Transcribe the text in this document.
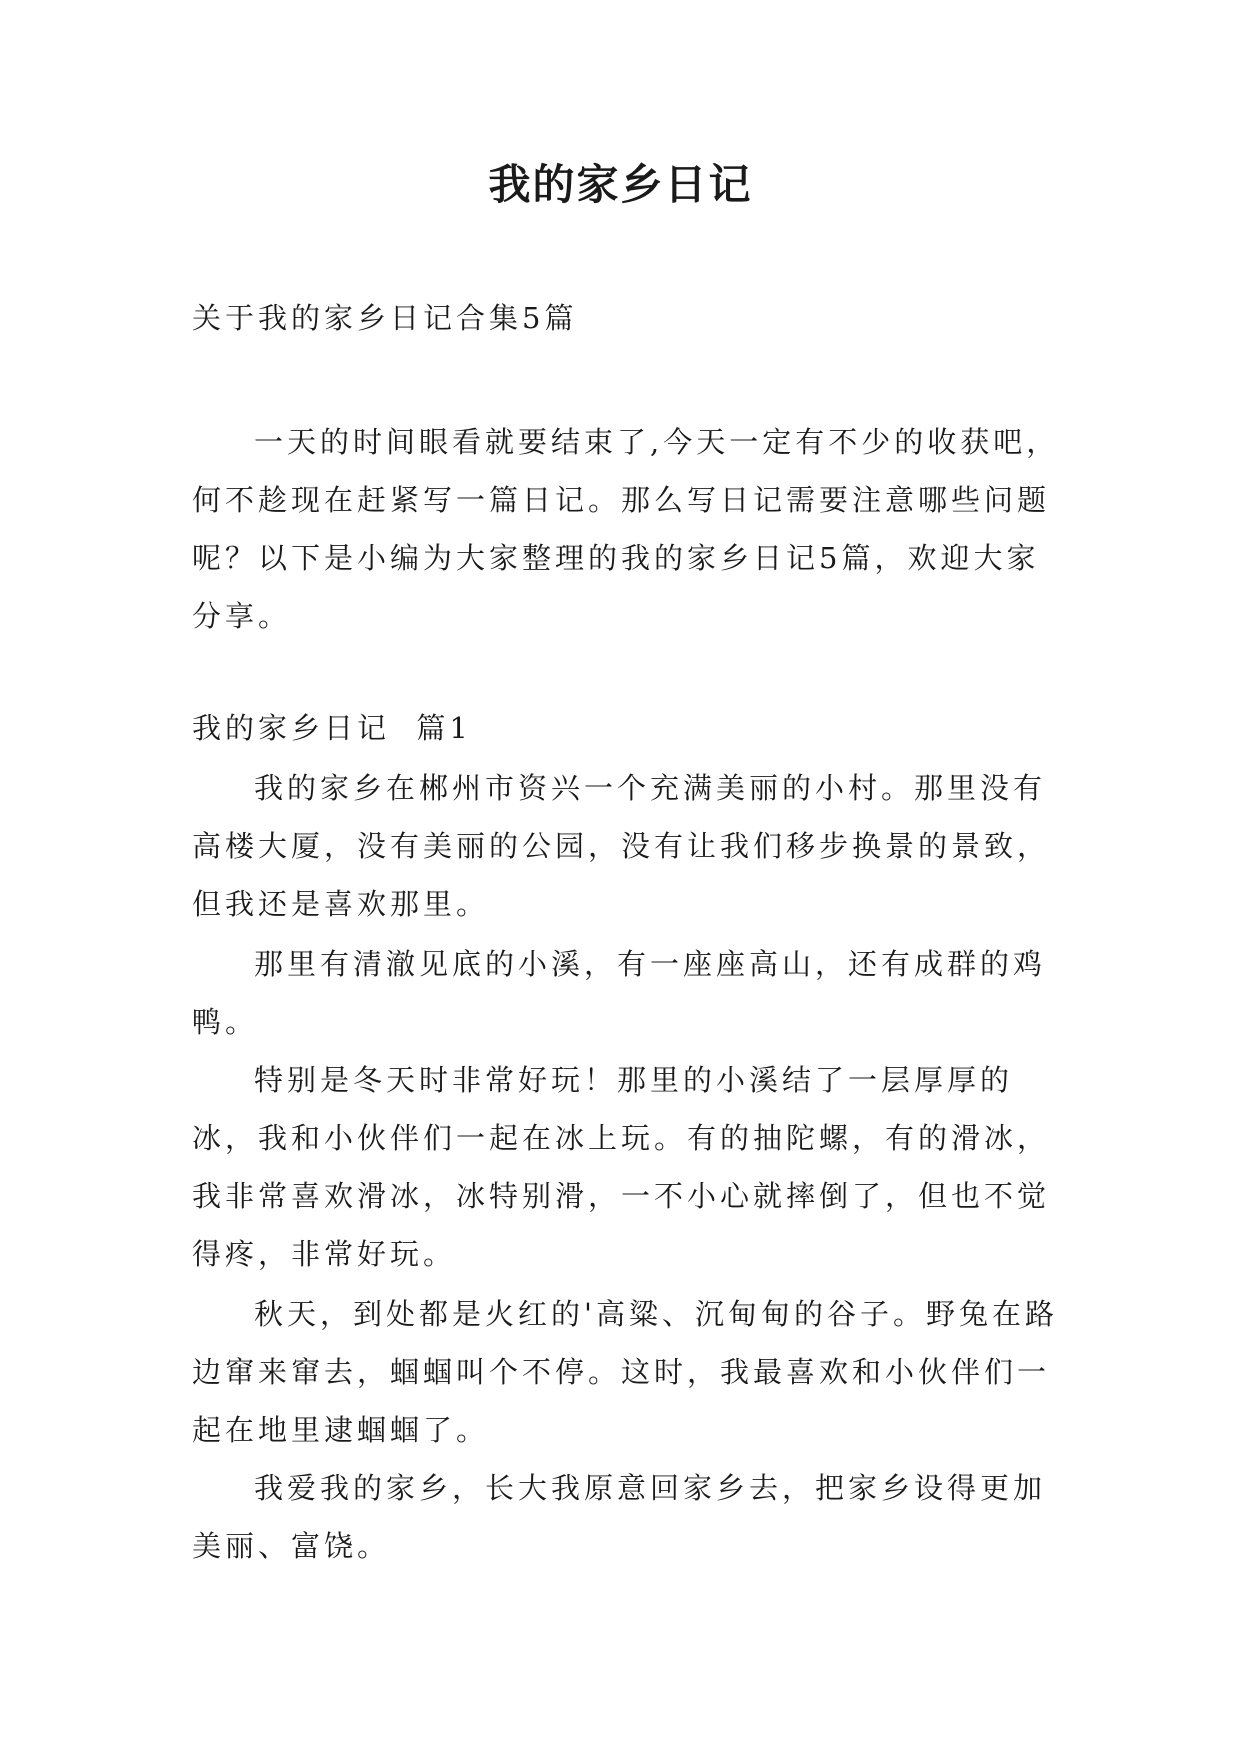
我的家乡日记

关于我的家乡日记合集5篇

一天的时间眼看就要结束了,今天一定有不少的收获吧，何不趁现在赶紧写一篇日记。那么写日记需要注意哪些问题呢？以下是小编为大家整理的我的家乡日记5篇，欢迎大家分享。

我的家乡日记  篇1

我的家乡在郴州市资兴一个充满美丽的小村。那里没有高楼大厦，没有美丽的公园，没有让我们移步换景的景致，但我还是喜欢那里。

那里有清澈见底的小溪，有一座座高山，还有成群的鸡鸭。

特别是冬天时非常好玩！那里的小溪结了一层厚厚的冰，我和小伙伴们一起在冰上玩。有的抽陀螺，有的滑冰，我非常喜欢滑冰，冰特别滑，一不小心就摔倒了，但也不觉得疼，非常好玩。

秋天，到处都是火红的'高粱、沉甸甸的谷子。野兔在路边窜来窜去，蝈蝈叫个不停。这时，我最喜欢和小伙伴们一起在地里逮蝈蝈了。

我爱我的家乡，长大我原意回家乡去，把家乡设得更加美丽、富饶。
